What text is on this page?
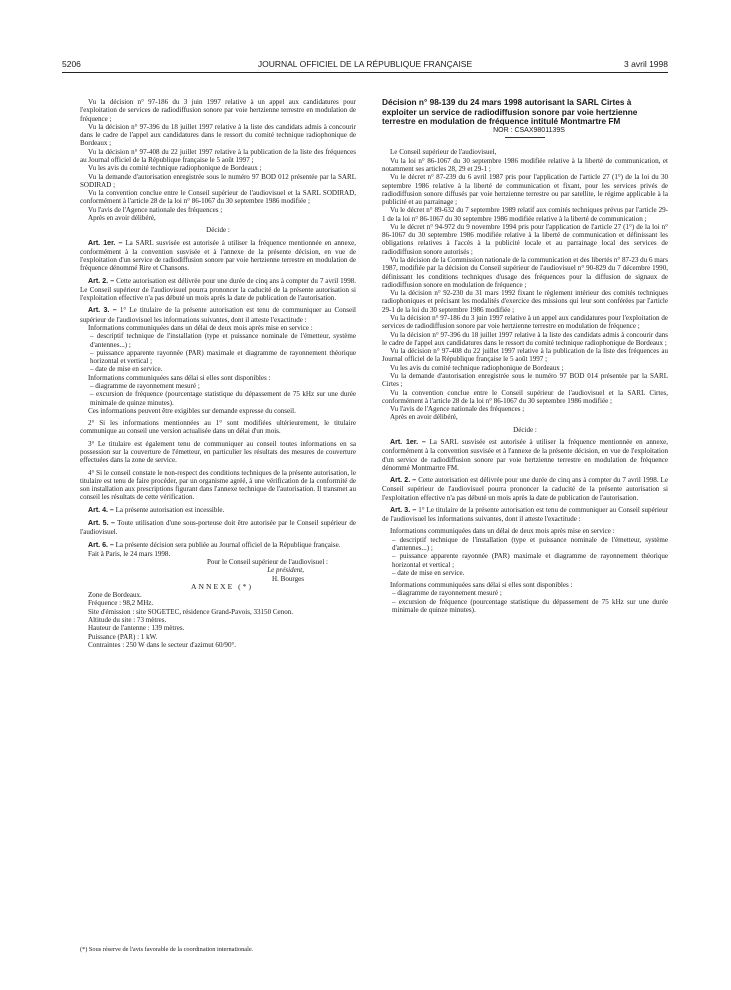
5206	JOURNAL OFFICIEL DE LA RÉPUBLIQUE FRANÇAISE	3 avril 1998

Vu la décision n° 97-186 du 3 juin 1997 relative à un appel aux candidatures pour l'exploitation de services de radiodiffusion sonore par voie hertzienne terrestre en modulation de fréquence ;

Vu la décision n° 97-396 du 18 juillet 1997 relative à la liste des candidats admis à concourir dans le cadre de l'appel aux candidatures dans le ressort du comité technique radiophonique de Bordeaux ;

Vu la décision n° 97-408 du 22 juillet 1997 relative à la publication de la liste des fréquences au Journal officiel de la République française le 5 août 1997 ;

Vu les avis du comité technique radiophonique de Bordeaux ;

Vu la demande d'autorisation enregistrée sous le numéro 97 BOD 012 présentée par la SARL SODIRAD ;

Vu la convention conclue entre le Conseil supérieur de l'audiovisuel et la SARL SODIRAD, conformément à l'article 28 de la loi n° 86-1067 du 30 septembre 1986 modifiée ;

Vu l'avis de l'Agence nationale des fréquences ;

Après en avoir délibéré,

Décide :

Art. 1er. – La SARL susvisée est autorisée à utiliser la fréquence mentionnée en annexe, conformément à la convention susvisée et à l'annexe de la présente décision, en vue de l'exploitation d'un service de radiodiffusion sonore par voie hertzienne terrestre en modulation de fréquence dénommé Rire et Chansons.

Art. 2. – Cette autorisation est délivrée pour une durée de cinq ans à compter du 7 avril 1998. Le Conseil supérieur de l'audiovisuel pourra prononcer la caducité de la présente autorisation si l'exploitation effective n'a pas débuté un mois après la date de publication de l'autorisation.

Art. 3. – 1° Le titulaire de la présente autorisation est tenu de communiquer au Conseil supérieur de l'audiovisuel les informations suivantes, dont il atteste l'exactitude :

Informations communiquées dans un délai de deux mois après mise en service :

– descriptif technique de l'installation (type et puissance nominale de l'émetteur, système d'antennes...) ;

– puissance apparente rayonnée (PAR) maximale et diagramme de rayonnement théorique horizontal et vertical ;

– date de mise en service.

Informations communiquées sans délai si elles sont disponibles :

– diagramme de rayonnement mesuré ;

– excursion de fréquence (pourcentage statistique du dépassement de 75 kHz sur une durée minimale de quinze minutes).

Ces informations peuvent être exigibles sur demande expresse du conseil.

2° Si les informations mentionnées au 1° sont modifiées ultérieurement, le titulaire communique au conseil une version actualisée dans un délai d'un mois.

3° Le titulaire est également tenu de communiquer au conseil toutes informations en sa possession sur la couverture de l'émetteur, en particulier les résultats des mesures de couverture effectuées dans la zone de service.

4° Si le conseil constate le non-respect des conditions techniques de la présente autorisation, le titulaire est tenu de faire procéder, par un organisme agréé, à une vérification de la conformité de son installation aux prescriptions figurant dans l'annexe technique de l'autorisation. Il transmet au conseil les résultats de cette vérification.

Art. 4. – La présente autorisation est incessible.

Art. 5. – Toute utilisation d'une sous-porteuse doit être autorisée par le Conseil supérieur de l'audiovisuel.

Art. 6. – La présente décision sera publiée au Journal officiel de la République française.

Fait à Paris, le 24 mars 1998.

Pour le Conseil supérieur de l'audiovisuel :

Le président,

H. Bourges

ANNEXE (*)

Zone de Bordeaux.

Fréquence : 98,2 MHz.

Site d'émission : site SOGETEC, résidence Grand-Pavois, 33150 Cenon.

Altitude du site : 73 mètres.

Hauteur de l'antenne : 139 mètres.

Puissance (PAR) : 1 kW.

Contraintes : 250 W dans le secteur d'azimut 60/90°.

(*) Sous réserve de l'avis favorable de la coordination internationale.

Décision n° 98-139 du 24 mars 1998 autorisant la SARL Cirtes à exploiter un service de radiodiffusion sonore par voie hertzienne terrestre en modulation de fréquence intitulé Montmartre FM

NOR : CSAX9801139S

Le Conseil supérieur de l'audiovisuel,

Vu la loi n° 86-1067 du 30 septembre 1986 modifiée relative à la liberté de communication, et notamment ses articles 28, 29 et 29-1 ;

Vu le décret n° 87-239 du 6 avril 1987 pris pour l'application de l'article 27 (1°) de la loi du 30 septembre 1986 relative à la liberté de communication et fixant, pour les services privés de radiodiffusion sonore diffusés par voie hertzienne terrestre ou par satellite, le régime applicable à la publicité et au parrainage ;

Vu le décret n° 89-632 du 7 septembre 1989 relatif aux comités techniques prévus par l'article 29-1 de la loi n° 86-1067 du 30 septembre 1986 modifiée relative à la liberté de communication ;

Vu le décret n° 94-972 du 9 novembre 1994 pris pour l'application de l'article 27 (1°) de la loi n° 86-1067 du 30 septembre 1986 modifiée relative à la liberté de communication et définissant les obligations relatives à l'accès à la publicité locale et au parrainage local des services de radiodiffusion sonore autorisés ;

Vu la décision de la Commission nationale de la communication et des libertés n° 87-23 du 6 mars 1987, modifiée par la décision du Conseil supérieur de l'audiovisuel n° 90-829 du 7 décembre 1990, définissant les conditions techniques d'usage des fréquences pour la diffusion de signaux de radiodiffusion sonore en modulation de fréquence ;

Vu la décision n° 92-230 du 31 mars 1992 fixant le règlement intérieur des comités techniques radiophoniques et précisant les modalités d'exercice des missions qui leur sont conférées par l'article 29-1 de la loi du 30 septembre 1986 modifiée ;

Vu la décision n° 97-186 du 3 juin 1997 relative à un appel aux candidatures pour l'exploitation de services de radiodiffusion sonore par voie hertzienne terrestre en modulation de fréquence ;

Vu la décision n° 97-396 du 18 juillet 1997 relative à la liste des candidats admis à concourir dans le cadre de l'appel aux candidatures dans le ressort du comité technique radiophonique de Bordeaux ;

Vu la décision n° 97-408 du 22 juillet 1997 relative à la publication de la liste des fréquences au Journal officiel de la République française le 5 août 1997 ;

Vu les avis du comité technique radiophonique de Bordeaux ;

Vu la demande d'autorisation enregistrée sous le numéro 97 BOD 014 présentée par la SARL Cirtes ;

Vu la convention conclue entre le Conseil supérieur de l'audiovisuel et la SARL Cirtes, conformément à l'article 28 de la loi n° 86-1067 du 30 septembre 1986 modifiée ;

Vu l'avis de l'Agence nationale des fréquences ;

Après en avoir délibéré,

Décide :

Art. 1er. – La SARL susvisée est autorisée à utiliser la fréquence mentionnée en annexe, conformément à la convention susvisée et à l'annexe de la présente décision, en vue de l'exploitation d'un service de radiodiffusion sonore par voie hertzienne terrestre en modulation de fréquence dénommé Montmartre FM.

Art. 2. – Cette autorisation est délivrée pour une durée de cinq ans à compter du 7 avril 1998. Le Conseil supérieur de l'audiovisuel pourra prononcer la caducité de la présente autorisation si l'exploitation effective n'a pas débuté un mois après la date de publication de l'autorisation.

Art. 3. – 1° Le titulaire de la présente autorisation est tenu de communiquer au Conseil supérieur de l'audiovisuel les informations suivantes, dont il atteste l'exactitude :

Informations communiquées dans un délai de deux mois après mise en service :

– descriptif technique de l'installation (type et puissance nominale de l'émetteur, système d'antennes...) ;

– puissance apparente rayonnée (PAR) maximale et diagramme de rayonnement théorique horizontal et vertical ;

– date de mise en service.

Informations communiquées sans délai si elles sont disponibles :

– diagramme de rayonnement mesuré ;

– excursion de fréquence (pourcentage statistique du dépassement de 75 kHz sur une durée minimale de quinze minutes).
